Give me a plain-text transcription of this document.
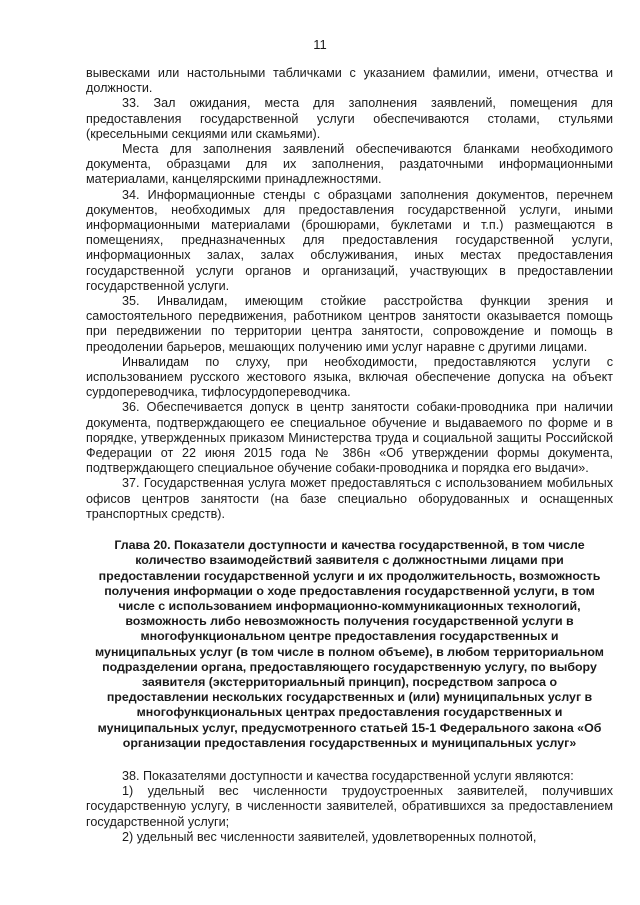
11

вывесками или настольными табличками с указанием фамилии, имени, отчества и должности.

33. Зал ожидания, места для заполнения заявлений, помещения для предоставления государственной услуги обеспечиваются столами, стульями (кресельными секциями или скамьями).

Места для заполнения заявлений обеспечиваются бланками необходимого документа, образцами для их заполнения, раздаточными информационными материалами, канцелярскими принадлежностями.

34. Информационные стенды с образцами заполнения документов, перечнем документов, необходимых для предоставления государственной услуги, иными информационными материалами (брошюрами, буклетами и т.п.) размещаются в помещениях, предназначенных для предоставления государственной услуги, информационных залах, залах обслуживания, иных местах предоставления государственной услуги органов и организаций, участвующих в предоставлении государственной услуги.

35. Инвалидам, имеющим стойкие расстройства функции зрения и самостоятельного передвижения, работником центров занятости оказывается помощь при передвижении по территории центра занятости, сопровождение и помощь в преодолении барьеров, мешающих получению ими услуг наравне с другими лицами.

Инвалидам по слуху, при необходимости, предоставляются услуги с использованием русского жестового языка, включая обеспечение допуска на объект сурдопереводчика, тифлосурдопереводчика.

36. Обеспечивается допуск в центр занятости собаки-проводника при наличии документа, подтверждающего ее специальное обучение и выдаваемого по форме и в порядке, утвержденных приказом Министерства труда и социальной защиты Российской Федерации от 22 июня 2015 года № 386н «Об утверждении формы документа, подтверждающего специальное обучение собаки-проводника и порядка его выдачи».

37. Государственная услуга может предоставляться с использованием мобильных офисов центров занятости (на базе специально оборудованных и оснащенных транспортных средств).

Глава 20. Показатели доступности и качества государственной, в том числе количество взаимодействий заявителя с должностными лицами при предоставлении государственной услуги и их продолжительность, возможность получения информации о ходе предоставления государственной услуги, в том числе с использованием информационно-коммуникационных технологий, возможность либо невозможность получения государственной услуги в многофункциональном центре предоставления государственных и муниципальных услуг (в том числе в полном объеме), в любом территориальном подразделении органа, предоставляющего государственную услугу, по выбору заявителя (экстерриториальный принцип), посредством запроса о предоставлении нескольких государственных и (или) муниципальных услуг в многофункциональных центрах предоставления государственных и муниципальных услуг, предусмотренного статьей 15-1 Федерального закона «Об организации предоставления государственных и муниципальных услуг»

38. Показателями доступности и качества государственной услуги являются:

1) удельный вес численности трудоустроенных заявителей, получивших государственную услугу, в численности заявителей, обратившихся за предоставлением государственной услуги;

2) удельный вес численности заявителей, удовлетворенных полнотой,
